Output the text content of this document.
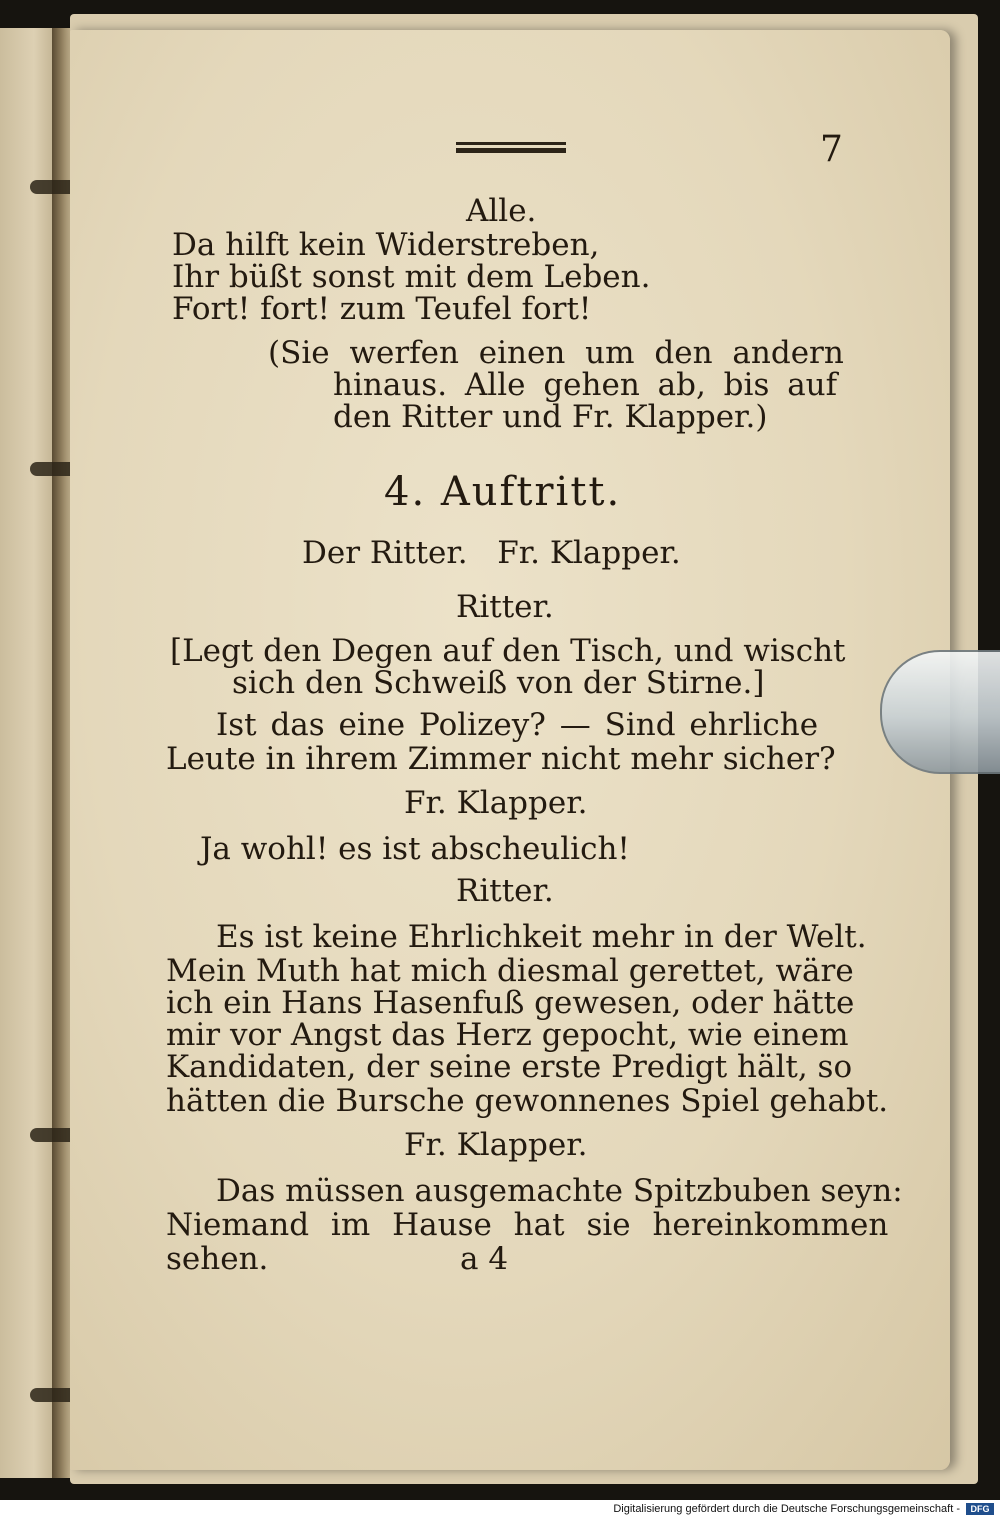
7
Alle.
Da hilft kein Widerstreben,
Ihr büßt sonst mit dem Leben.
Fort! fort! zum Teufel fort!
(Sie werfen einen um den andern
hinaus. Alle gehen ab, bis auf
den Ritter und Fr. Klapper.)
4. Auftritt.
Der Ritter.   Fr. Klapper.
Ritter.
[Legt den Degen auf den Tisch, und wischt
sich den Schweiß von der Stirne.]
Ist das eine Polizey? — Sind ehrliche
Leute in ihrem Zimmer nicht mehr sicher?
Fr. Klapper.
Ja wohl! es ist abscheulich!
Ritter.
Es ist keine Ehrlichkeit mehr in der Welt.
Mein Muth hat mich diesmal gerettet, wäre
ich ein Hans Hasenfuß gewesen, oder hätte
mir vor Angst das Herz gepocht, wie einem
Kandidaten, der seine erste Predigt hält, so
hätten die Bursche gewonnenes Spiel gehabt.
Fr. Klapper.
Das müssen ausgemachte Spitzbuben seyn:
Niemand im Hause hat sie hereinkommen
sehen.	a 4
Digitalisierung gefördert durch die Deutsche Forschungsgemeinschaft -	DFG
